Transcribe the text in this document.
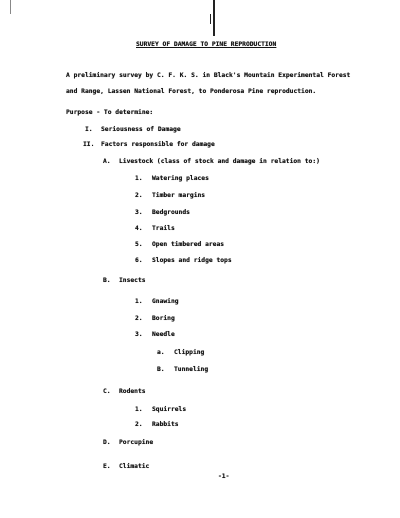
SURVEY OF DAMAGE TO PINE REPRODUCTION
A preliminary survey by C. F. K. S. in Black's Mountain Experimental Forest
and Range, Lassen National Forest, to Ponderosa Pine reproduction.
Purpose - To determine:
I. Seriousness of Damage
II. Factors responsible for damage
A. Livestock (class of stock and damage in relation to:)
1. Watering places
2. Timber margins
3. Bedgrounds
4. Trails
5. Open timbered areas
6. Slopes and ridge tops
B. Insects
1. Gnawing
2. Boring
3. Needle
a. Clipping
B. Tunneling
C. Rodents
1. Squirrels
2. Rabbits
D. Porcupine
E. Climatic
-1-
